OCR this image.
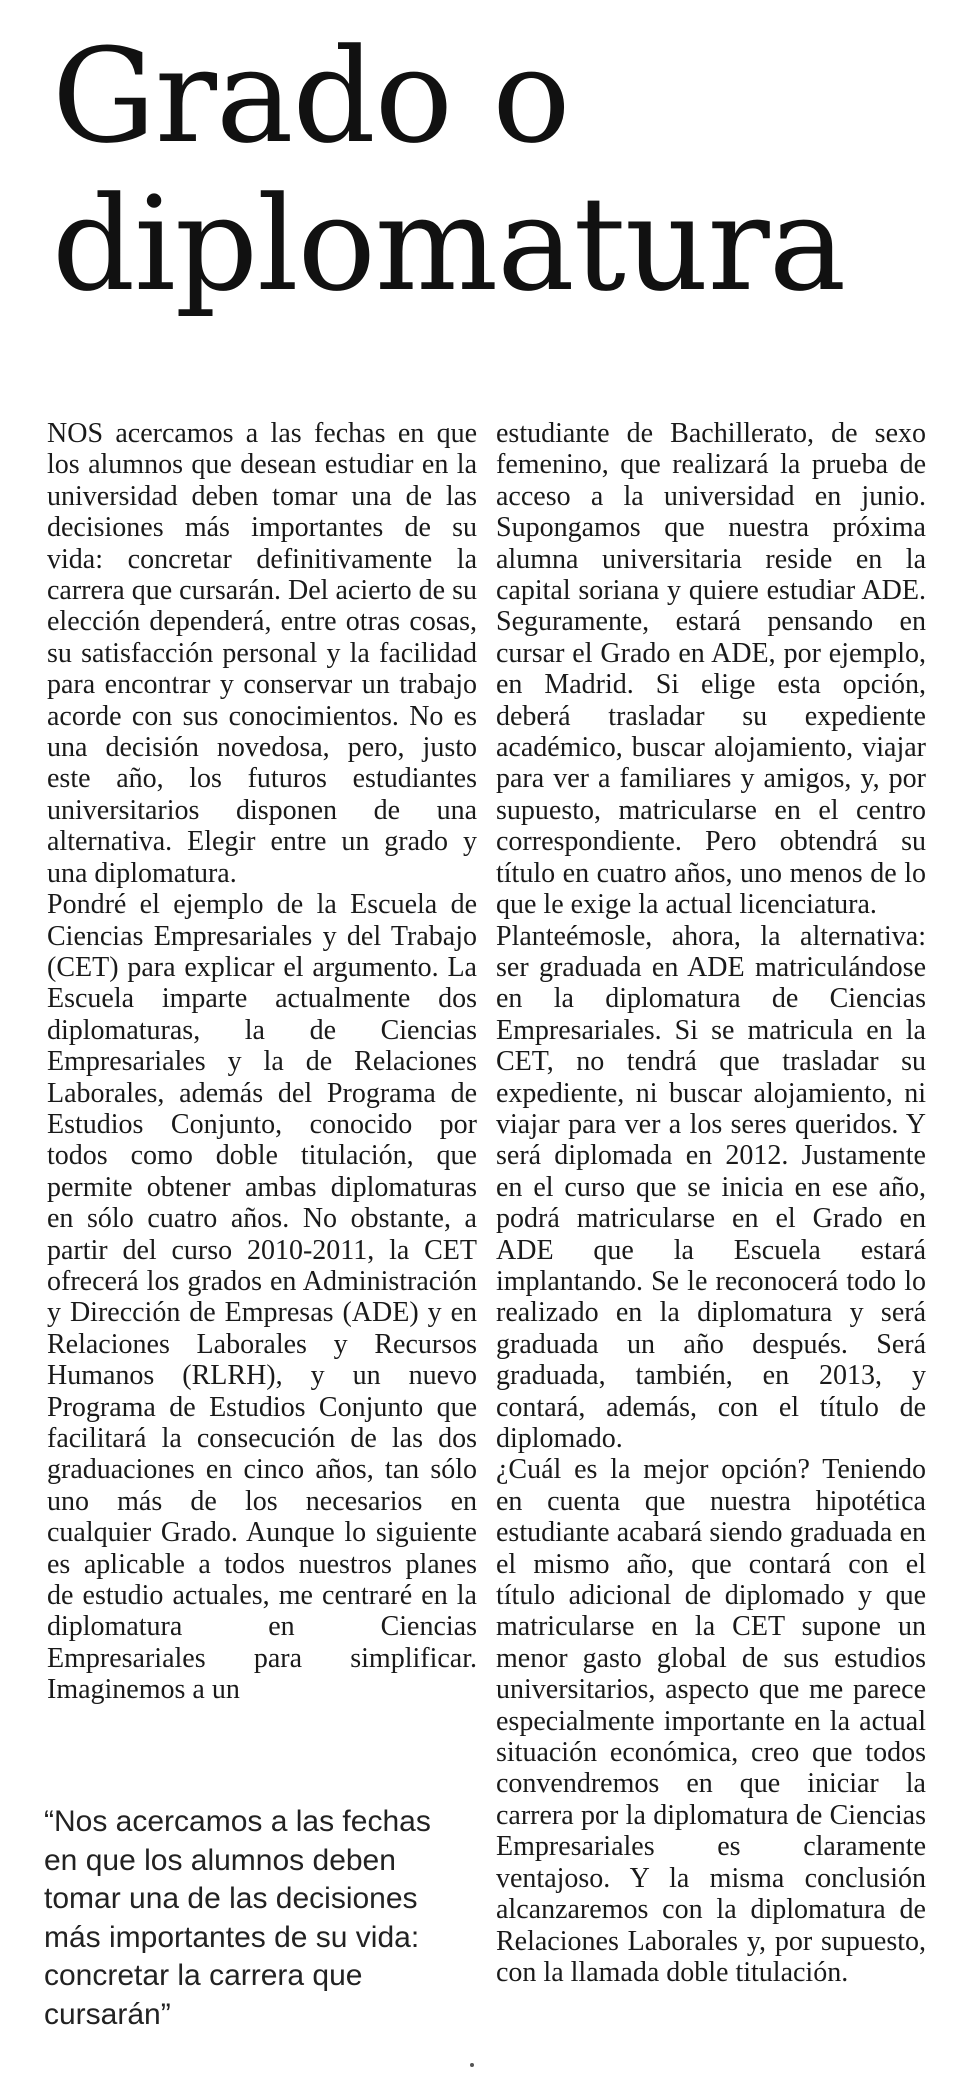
Grado o
diplomatura

NOS acercamos a las fechas en que los alumnos que desean estudiar en la universidad deben tomar una de las decisiones más importantes de su vida: concretar definitivamente la carrera que cursarán. Del acierto de su elección dependerá, entre otras cosas, su satisfacción personal y la facilidad para encontrar y conservar un trabajo acorde con sus conocimientos. No es una decisión novedosa, pero, justo este año, los futuros estudiantes universitarios disponen de una alternativa. Elegir entre un grado y una diplomatura.

Pondré el ejemplo de la Escuela de Ciencias Empresariales y del Trabajo (CET) para explicar el argumento. La Escuela imparte actualmente dos diplomaturas, la de Ciencias Empresariales y la de Relaciones Laborales, además del Programa de Estudios Conjunto, conocido por todos como doble titulación, que permite obtener ambas diplomaturas en sólo cuatro años. No obstante, a partir del curso 2010-2011, la CET ofrecerá los grados en Administración y Dirección de Empresas (ADE) y en Relaciones Laborales y Recursos Humanos (RLRH), y un nuevo Programa de Estudios Conjunto que facilitará la consecución de las dos graduaciones en cinco años, tan sólo uno más de los necesarios en cualquier Grado. Aunque lo siguiente es aplicable a todos nuestros planes de estudio actuales, me centraré en la diplomatura en Ciencias Empresariales para simplificar. Imaginemos a un

“Nos acercamos a las fechas en que los alumnos deben tomar una de las decisiones más importantes de su vida: concretar la carrera que cursarán”

estudiante de Bachillerato, de sexo femenino, que realizará la prueba de acceso a la universidad en junio. Supongamos que nuestra próxima alumna universitaria reside en la capital soriana y quiere estudiar ADE. Seguramente, estará pensando en cursar el Grado en ADE, por ejemplo, en Madrid. Si elige esta opción, deberá trasladar su expediente académico, buscar alojamiento, viajar para ver a familiares y amigos, y, por supuesto, matricularse en el centro correspondiente. Pero obtendrá su título en cuatro años, uno menos de lo que le exige la actual licenciatura.

Planteémosle, ahora, la alternativa: ser graduada en ADE matriculándose en la diplomatura de Ciencias Empresariales. Si se matricula en la CET, no tendrá que trasladar su expediente, ni buscar alojamiento, ni viajar para ver a los seres queridos. Y será diplomada en 2012. Justamente en el curso que se inicia en ese año, podrá matricularse en el Grado en ADE que la Escuela estará implantando. Se le reconocerá todo lo realizado en la diplomatura y será graduada un año después. Será graduada, también, en 2013, y contará, además, con el título de diplomado.

¿Cuál es la mejor opción? Teniendo en cuenta que nuestra hipotética estudiante acabará siendo graduada en el mismo año, que contará con el título adicional de diplomado y que matricularse en la CET supone un menor gasto global de sus estudios universitarios, aspecto que me parece especialmente importante en la actual situación económica, creo que todos convendremos en que iniciar la carrera por la diplomatura de Ciencias Empresariales es claramente ventajoso. Y la misma conclusión alcanzaremos con la diplomatura de Relaciones Laborales y, por supuesto, con la llamada doble titulación.
